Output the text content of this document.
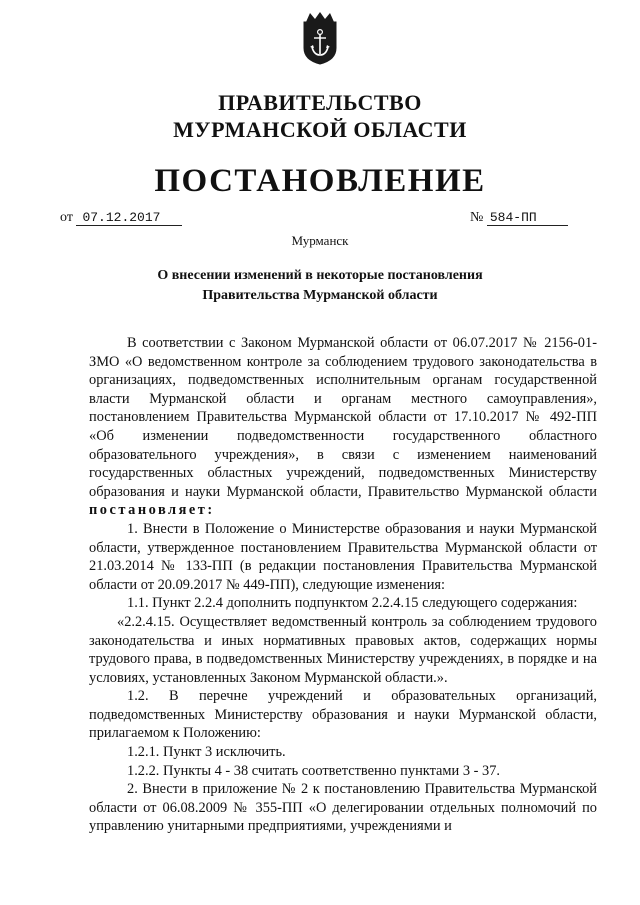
ПРАВИТЕЛЬСТВО
МУРМАНСКОЙ ОБЛАСТИ
ПОСТАНОВЛЕНИЕ
от 07.12.2017	№ 584-ПП
Мурманск
О внесении изменений в некоторые постановления
Правительства Мурманской области

В соответствии с Законом Мурманской области от 06.07.2017 № 2156-01-ЗМО «О ведомственном контроле за соблюдением трудового законодательства в организациях, подведомственных исполнительным органам государственной власти Мурманской области и органам местного самоуправления», постановлением Правительства Мурманской области от 17.10.2017 № 492-ПП «Об изменении подведомственности государственного областного образовательного учреждения», в связи с изменением наименований государственных областных учреждений, подведомственных Министерству образования и науки Мурманской области, Правительство Мурманской области постановляет:

1. Внести в Положение о Министерстве образования и науки Мурманской области, утвержденное постановлением Правительства Мурманской области от 21.03.2014 № 133-ПП (в редакции постановления Правительства Мурманской области от 20.09.2017 № 449-ПП), следующие изменения:

1.1. Пункт 2.2.4 дополнить подпунктом 2.2.4.15 следующего содержания:

«2.2.4.15. Осуществляет ведомственный контроль за соблюдением трудового законодательства и иных нормативных правовых актов, содержащих нормы трудового права, в подведомственных Министерству учреждениях, в порядке и на условиях, установленных Законом Мурманской области.».

1.2. В перечне учреждений и образовательных организаций, подведомственных Министерству образования и науки Мурманской области, прилагаемом к Положению:

1.2.1. Пункт 3 исключить.

1.2.2. Пункты 4 - 38 считать соответственно пунктами 3 - 37.

2. Внести в приложение № 2 к постановлению Правительства Мурманской области от 06.08.2009 № 355-ПП «О делегировании отдельных полномочий по управлению унитарными предприятиями, учреждениями и
